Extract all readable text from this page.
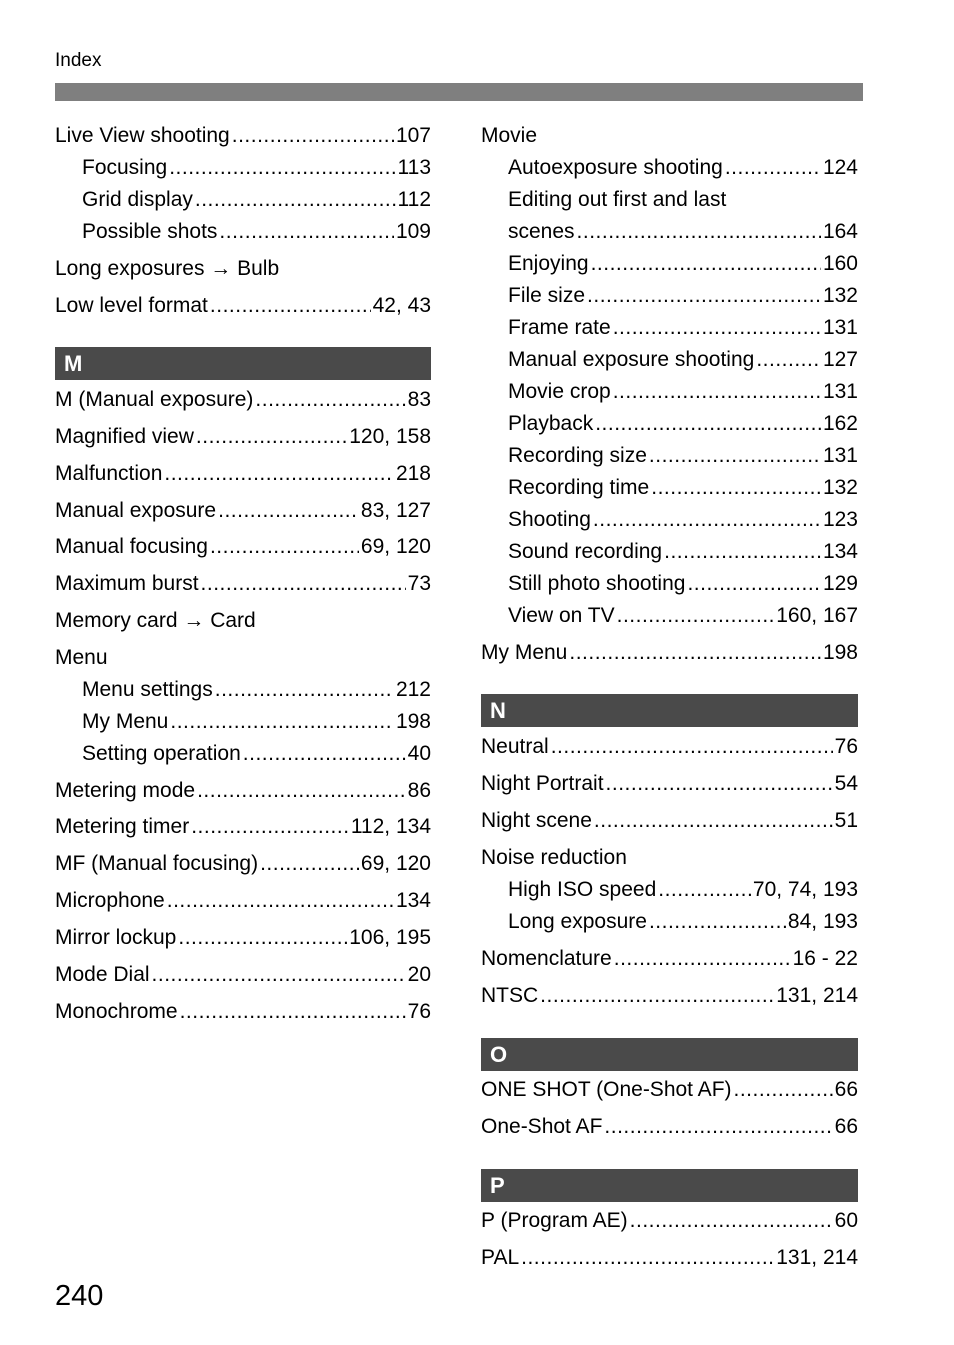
Index
Live View shooting .....	107
Focusing .....	113
Grid display .....	112
Possible shots .....	109
Long exposures → Bulb
Low level format .....	42, 43
M
M (Manual exposure) .....	83
Magnified view .....	120, 158
Malfunction .....	218
Manual exposure .....	83, 127
Manual focusing .....	69, 120
Maximum burst .....	73
Memory card → Card
Menu
Menu settings .....	212
My Menu .....	198
Setting operation .....	40
Metering mode .....	86
Metering timer .....	112, 134
MF (Manual focusing) .....	69, 120
Microphone .....	134
Mirror lockup .....	106, 195
Mode Dial .....	20
Monochrome .....	76
Movie
Autoexposure shooting .....	124
Editing out first and last
scenes .....	164
Enjoying .....	160
File size .....	132
Frame rate .....	131
Manual exposure shooting .....	127
Movie crop .....	131
Playback .....	162
Recording size .....	131
Recording time .....	132
Shooting .....	123
Sound recording .....	134
Still photo shooting .....	129
View on TV .....	160, 167
My Menu .....	198
N
Neutral .....	76
Night Portrait .....	54
Night scene .....	51
Noise reduction
High ISO speed .....	70, 74, 193
Long exposure .....	84, 193
Nomenclature .....	16 - 22
NTSC .....	131, 214
O
ONE SHOT (One-Shot AF) .....	66
One-Shot AF .....	66
P
P (Program AE) .....	60
PAL .....	131, 214
240
